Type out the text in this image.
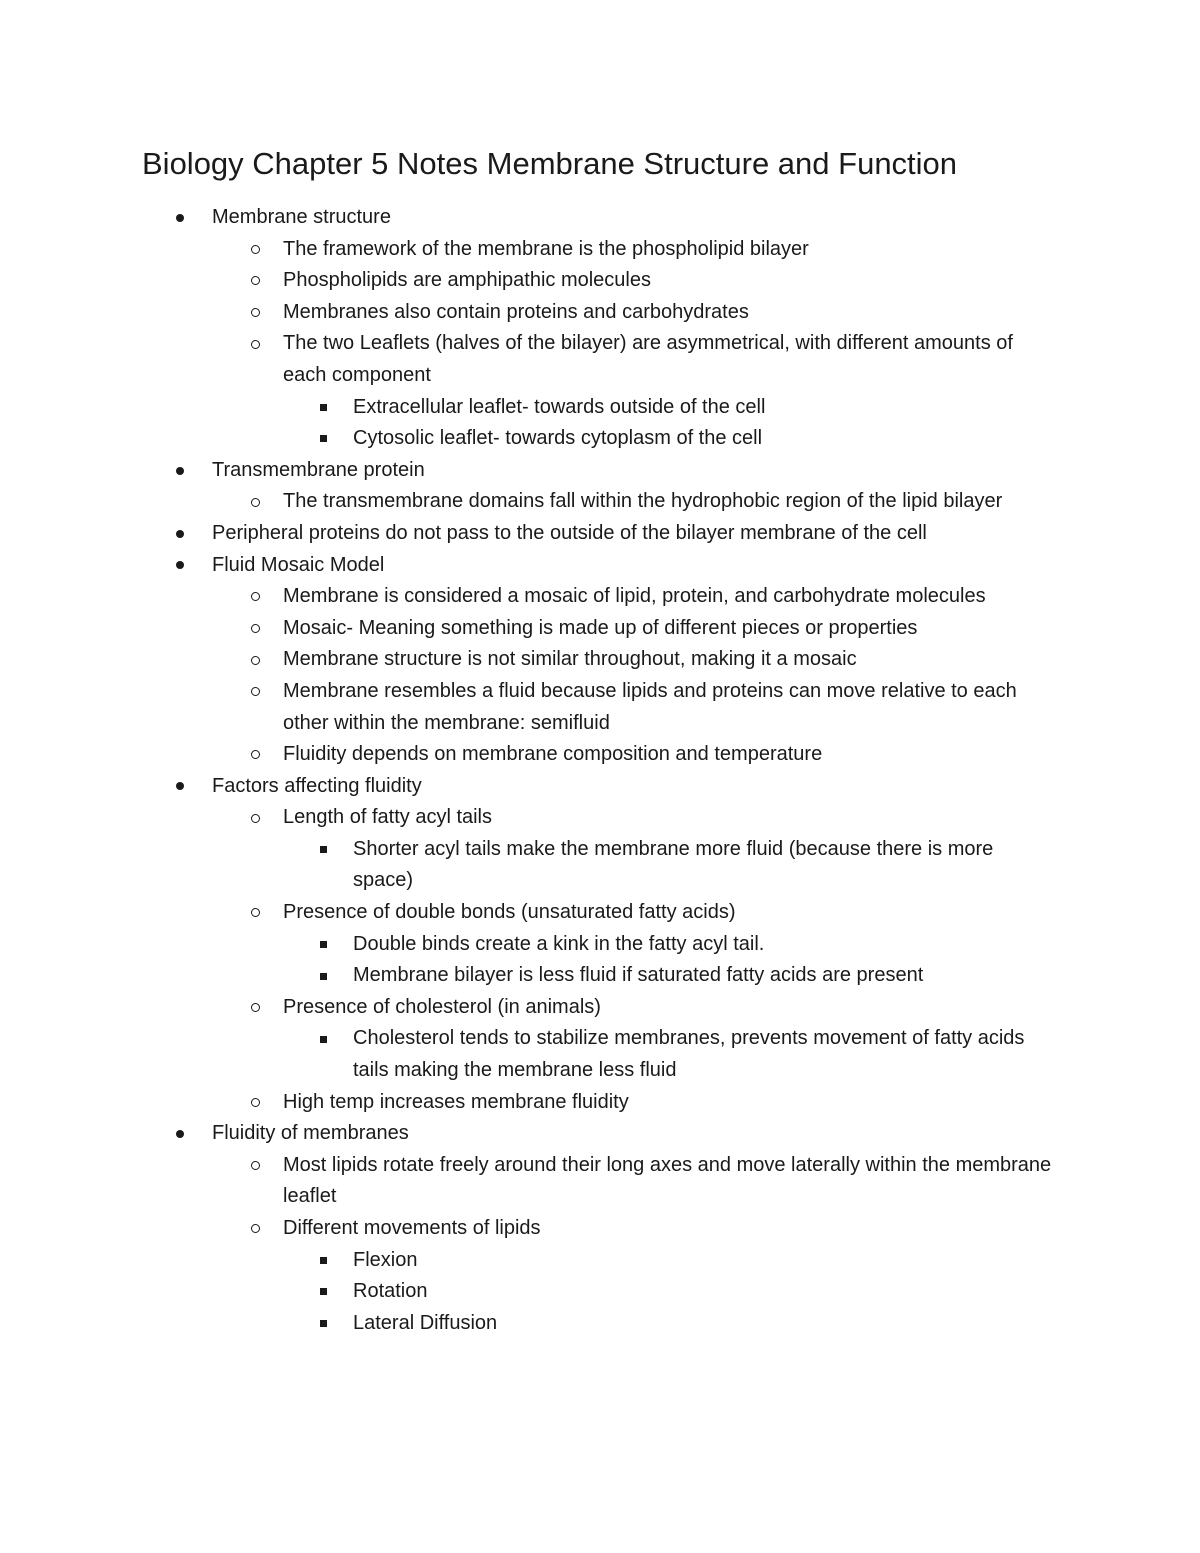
Biology Chapter 5 Notes Membrane Structure and Function
Membrane structure
The framework of the membrane is the phospholipid bilayer
Phospholipids are amphipathic molecules
Membranes also contain proteins and carbohydrates
The two Leaflets (halves of the bilayer) are asymmetrical, with different amounts of each component
Extracellular leaflet- towards outside of the cell
Cytosolic leaflet- towards cytoplasm of the cell
Transmembrane protein
The transmembrane domains fall within the hydrophobic region of the lipid bilayer
Peripheral proteins do not pass to the outside of the bilayer membrane of the cell
Fluid Mosaic Model
Membrane is considered a mosaic of lipid, protein, and carbohydrate molecules
Mosaic- Meaning something is made up of different pieces or properties
Membrane structure is not similar throughout, making it a mosaic
Membrane resembles a fluid because lipids and proteins can move relative to each other within the membrane: semifluid
Fluidity depends on membrane composition and temperature
Factors affecting fluidity
Length of fatty acyl tails
Shorter acyl tails make the membrane more fluid (because there is more space)
Presence of double bonds (unsaturated fatty acids)
Double binds create a kink in the fatty acyl tail.
Membrane bilayer is less fluid if saturated fatty acids are present
Presence of cholesterol (in animals)
Cholesterol tends to stabilize membranes, prevents movement of fatty acids tails making the membrane less fluid
High temp increases membrane fluidity
Fluidity of membranes
Most lipids rotate freely around their long axes and move laterally within the membrane leaflet
Different movements of lipids
Flexion
Rotation
Lateral Diffusion
